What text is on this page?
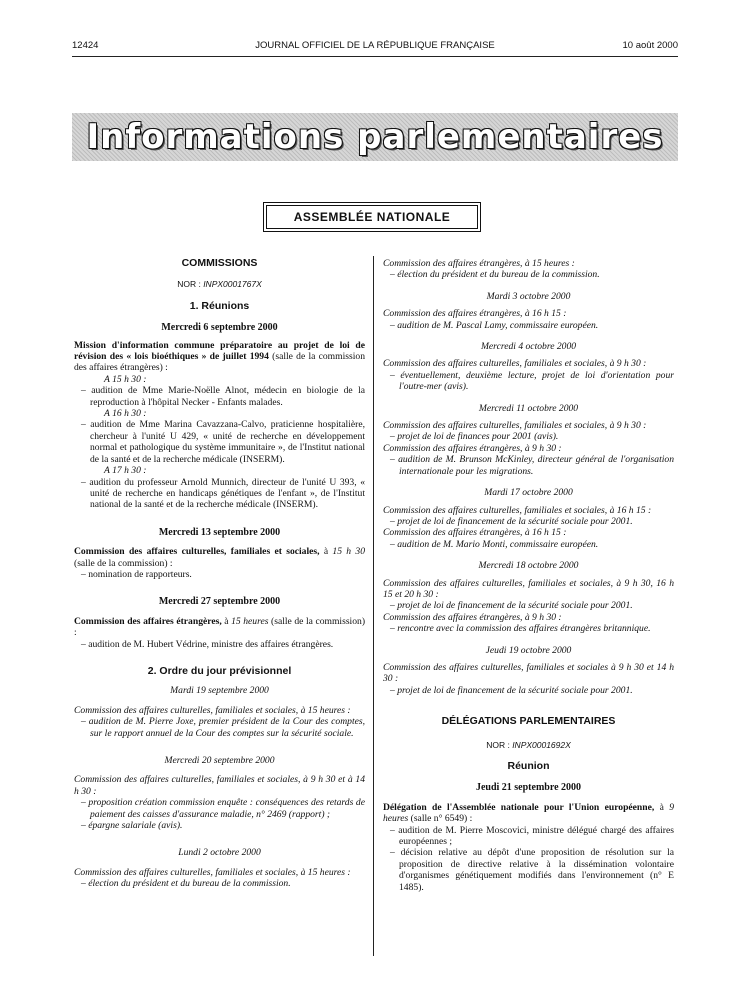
12424	JOURNAL OFFICIEL DE LA RÉPUBLIQUE FRANÇAISE	10 août 2000
Informations parlementaires
ASSEMBLÉE NATIONALE
COMMISSIONS
NOR : INPX0001767X
1. Réunions
Mercredi 6 septembre 2000
Mission d'information commune préparatoire au projet de loi de révision des « lois bioéthiques » de juillet 1994 (salle de la commission des affaires étrangères) :
A 15 h 30 :
– audition de Mme Marie-Noëlle Alnot, médecin en biologie de la reproduction à l'hôpital Necker - Enfants malades.
A 16 h 30 :
– audition de Mme Marina Cavazzana-Calvo, praticienne hospitalière, chercheur à l'unité U 429, « unité de recherche en développement normal et pathologique du système immunitaire », de l'Institut national de la santé et de la recherche médicale (INSERM).
A 17 h 30 :
– audition du professeur Arnold Munnich, directeur de l'unité U 393, « unité de recherche en handicaps génétiques de l'enfant », de l'Institut national de la santé et de la recherche médicale (INSERM).
Mercredi 13 septembre 2000
Commission des affaires culturelles, familiales et sociales, à 15 h 30 (salle de la commission) :
– nomination de rapporteurs.
Mercredi 27 septembre 2000
Commission des affaires étrangères, à 15 heures (salle de la commission) :
– audition de M. Hubert Védrine, ministre des affaires étrangères.
2. Ordre du jour prévisionnel
Mardi 19 septembre 2000
Commission des affaires culturelles, familiales et sociales, à 15 heures :
– audition de M. Pierre Joxe, premier président de la Cour des comptes, sur le rapport annuel de la Cour des comptes sur la sécurité sociale.
Mercredi 20 septembre 2000
Commission des affaires culturelles, familiales et sociales, à 9 h 30 et à 14 h 30 :
– proposition création commission enquête : conséquences des retards de paiement des caisses d'assurance maladie, n° 2469 (rapport) ;
– épargne salariale (avis).
Lundi 2 octobre 2000
Commission des affaires culturelles, familiales et sociales, à 15 heures :
– élection du président et du bureau de la commission.
Commission des affaires étrangères, à 15 heures :
– élection du président et du bureau de la commission.
Mardi 3 octobre 2000
Commission des affaires étrangères, à 16 h 15 :
– audition de M. Pascal Lamy, commissaire européen.
Mercredi 4 octobre 2000
Commission des affaires culturelles, familiales et sociales, à 9 h 30 :
– éventuellement, deuxième lecture, projet de loi d'orientation pour l'outre-mer (avis).
Mercredi 11 octobre 2000
Commission des affaires culturelles, familiales et sociales, à 9 h 30 :
– projet de loi de finances pour 2001 (avis).
Commission des affaires étrangères, à 9 h 30 :
– audition de M. Brunson McKinley, directeur général de l'organisation internationale pour les migrations.
Mardi 17 octobre 2000
Commission des affaires culturelles, familiales et sociales, à 16 h 15 :
– projet de loi de financement de la sécurité sociale pour 2001.
Commission des affaires étrangères, à 16 h 15 :
– audition de M. Mario Monti, commissaire européen.
Mercredi 18 octobre 2000
Commission des affaires culturelles, familiales et sociales, à 9 h 30, 16 h 15 et 20 h 30 :
– projet de loi de financement de la sécurité sociale pour 2001.
Commission des affaires étrangères, à 9 h 30 :
– rencontre avec la commission des affaires étrangères britannique.
Jeudi 19 octobre 2000
Commission des affaires culturelles, familiales et sociales à 9 h 30 et 14 h 30 :
– projet de loi de financement de la sécurité sociale pour 2001.
DÉLÉGATIONS PARLEMENTAIRES
NOR : INPX0001692X
Réunion
Jeudi 21 septembre 2000
Délégation de l'Assemblée nationale pour l'Union européenne, à 9 heures (salle n° 6549) :
– audition de M. Pierre Moscovici, ministre délégué chargé des affaires européennes ;
– décision relative au dépôt d'une proposition de résolution sur la proposition de directive relative à la dissémination volontaire d'organismes génétiquement modifiés dans l'environnement (n° E 1485).
